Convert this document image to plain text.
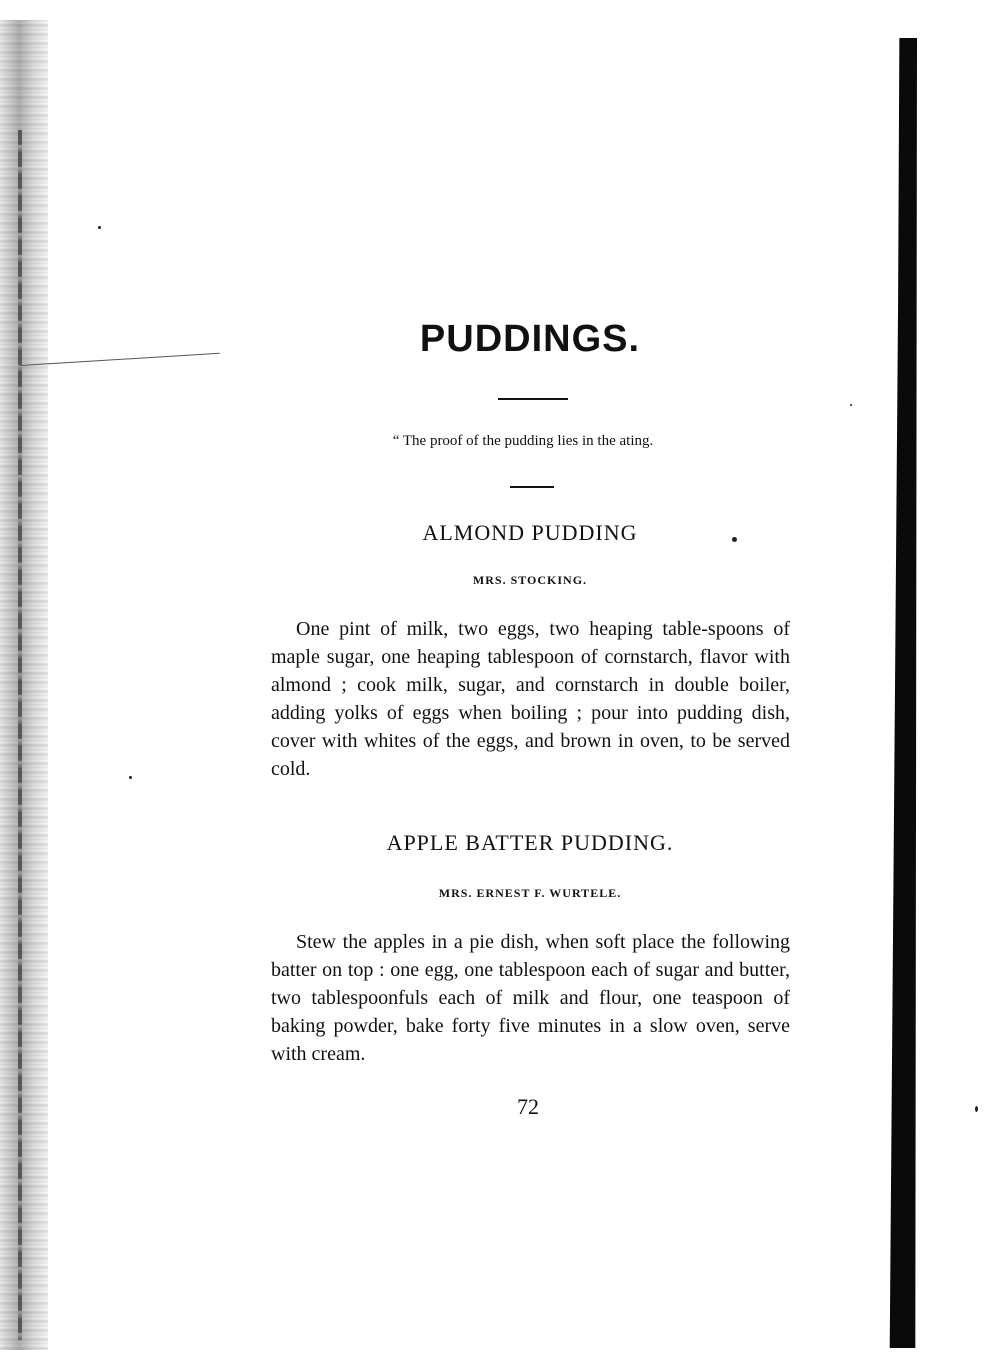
PUDDINGS.
“ The proof of the pudding lies in the ating.
ALMOND PUDDING
MRS. STOCKING.

One pint of milk, two eggs, two heaping table-spoons of maple sugar, one heaping tablespoon of cornstarch, flavor with almond ; cook milk, sugar, and cornstarch in double boiler, adding yolks of eggs when boiling ; pour into pudding dish, cover with whites of the eggs, and brown in oven, to be served cold.

APPLE BATTER PUDDING.
MRS. ERNEST F. WURTELE.

Stew the apples in a pie dish, when soft place the following batter on top : one egg, one tablespoon each of sugar and butter, two tablespoonfuls each of milk and flour, one teaspoon of baking powder, bake forty five minutes in a slow oven, serve with cream.

72
